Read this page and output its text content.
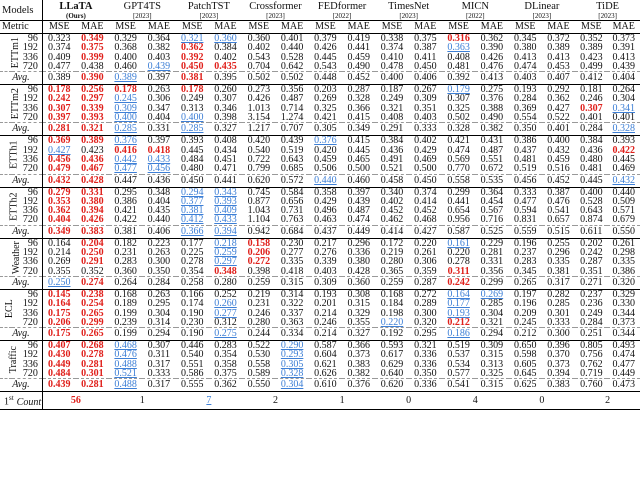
Models		LLaTA
(Ours)		GPT4TS
[2023]		PatchTST
[2023]		Crossformer
[2023]		FEDformer
[2022]		TimesNet
[2023]		MICN
[2022]		DLinear
[2023]		TiDE
[2023]	

Metric		MSE	MAE	MSE	MAE	MSE	MAE	MSE	MAE	MSE	MAE	MSE	MAE	MSE	MAE	MSE	MAE	MSE	MAE
ETTm1	96	0.323	0.349	0.329	0.364	0.321	0.360	0.360	0.401	0.379	0.419	0.338	0.375	0.316	0.362	0.345	0.372	0.352	0.373
	192	0.374	0.375	0.368	0.382	0.362	0.384	0.402	0.440	0.426	0.441	0.374	0.387	0.363	0.390	0.380	0.389	0.389	0.391
	336	0.409	0.399	0.400	0.403	0.392	0.402	0.543	0.528	0.445	0.459	0.410	0.411	0.408	0.426	0.413	0.413	0.423	0.413
	720	0.477	0.438	0.460	0.439	0.450	0.435	0.704	0.642	0.543	0.490	0.478	0.450	0.481	0.476	0.474	0.453	0.499	0.439
Avg.		0.389	0.390	0.389	0.397	0.381	0.395	0.502	0.502	0.448	0.452	0.400	0.406	0.392	0.413	0.403	0.407	0.412	0.404
ETTm2	96	0.178	0.256	0.178	0.263	0.178	0.260	0.273	0.356	0.203	0.287	0.187	0.267	0.179	0.275	0.193	0.292	0.181	0.264
	192	0.242	0.297	0.245	0.306	0.249	0.307	0.426	0.487	0.269	0.328	0.249	0.309	0.307	0.376	0.284	0.362	0.246	0.304
	336	0.307	0.339	0.309	0.347	0.313	0.346	1.013	0.714	0.325	0.366	0.321	0.351	0.325	0.388	0.369	0.427	0.307	0.341
	720	0.397	0.393	0.400	0.404	0.400	0.398	3.154	1.274	0.421	0.415	0.408	0.403	0.502	0.490	0.554	0.522	0.401	0.401
Avg.		0.281	0.321	0.285	0.331	0.285	0.327	1.217	0.707	0.305	0.349	0.291	0.333	0.328	0.382	0.350	0.401	0.284	0.328
ETTh1	96	0.369	0.389	0.376	0.397	0.393	0.408	0.420	0.439	0.376	0.415	0.384	0.402	0.421	0.431	0.386	0.400	0.384	0.393
	192	0.427	0.423	0.416	0.418	0.445	0.434	0.540	0.519	0.420	0.445	0.436	0.429	0.474	0.487	0.437	0.432	0.436	0.422
	336	0.456	0.436	0.442	0.433	0.484	0.451	0.722	0.643	0.459	0.465	0.491	0.469	0.569	0.551	0.481	0.459	0.480	0.445
	720	0.479	0.467	0.477	0.456	0.480	0.471	0.799	0.685	0.506	0.500	0.521	0.500	0.770	0.672	0.519	0.516	0.481	0.469
Avg.		0.432	0.428	0.447	0.436	0.450	0.441	0.620	0.572	0.440	0.460	0.458	0.450	0.558	0.535	0.456	0.452	0.445	0.432
ETTh2	96	0.279	0.331	0.295	0.348	0.294	0.343	0.745	0.584	0.358	0.397	0.340	0.374	0.299	0.364	0.333	0.387	0.400	0.440
	192	0.353	0.380	0.386	0.404	0.377	0.393	0.877	0.656	0.429	0.439	0.402	0.414	0.441	0.454	0.477	0.476	0.528	0.509
	336	0.362	0.394	0.421	0.435	0.381	0.409	1.043	0.731	0.496	0.487	0.452	0.452	0.654	0.567	0.594	0.541	0.643	0.571
	720	0.404	0.426	0.422	0.440	0.412	0.433	1.104	0.763	0.463	0.474	0.462	0.468	0.956	0.716	0.831	0.657	0.874	0.679
Avg.		0.349	0.383	0.381	0.406	0.366	0.394	0.942	0.684	0.437	0.449	0.414	0.427	0.587	0.525	0.559	0.515	0.611	0.550
Weather	96	0.164	0.204	0.182	0.223	0.177	0.218	0.158	0.230	0.217	0.296	0.172	0.220	0.161	0.229	0.196	0.255	0.202	0.261
	192	0.214	0.250	0.231	0.263	0.225	0.259	0.206	0.277	0.276	0.336	0.219	0.261	0.220	0.281	0.237	0.296	0.242	0.298
	336	0.269	0.291	0.283	0.300	0.278	0.297	0.272	0.335	0.339	0.380	0.280	0.306	0.278	0.331	0.283	0.335	0.287	0.335
	720	0.355	0.352	0.360	0.350	0.354	0.348	0.398	0.418	0.403	0.428	0.365	0.359	0.311	0.356	0.345	0.381	0.351	0.386
Avg.		0.250	0.274	0.264	0.284	0.258	0.280	0.259	0.315	0.309	0.360	0.259	0.287	0.242	0.299	0.265	0.317	0.271	0.320
ECL	96	0.145	0.238	0.168	0.263	0.166	0.252	0.219	0.314	0.193	0.308	0.168	0.272	0.164	0.269	0.197	0.282	0.237	0.329
	192	0.164	0.254	0.189	0.295	0.174	0.260	0.231	0.322	0.201	0.315	0.184	0.289	0.177	0.285	0.196	0.285	0.236	0.330
	336	0.175	0.265	0.199	0.304	0.190	0.277	0.246	0.337	0.214	0.329	0.198	0.300	0.193	0.304	0.209	0.301	0.249	0.344
	720	0.206	0.299	0.239	0.314	0.230	0.312	0.280	0.363	0.246	0.355	0.220	0.320	0.212	0.321	0.245	0.333	0.284	0.373
Avg.		0.175	0.265	0.199	0.294	0.190	0.275	0.244	0.334	0.214	0.327	0.192	0.295	0.186	0.294	0.212	0.300	0.251	0.344
Traffic	96	0.407	0.268	0.468	0.307	0.446	0.283	0.522	0.290	0.587	0.366	0.593	0.321	0.519	0.309	0.650	0.396	0.805	0.493
	192	0.430	0.278	0.476	0.311	0.540	0.354	0.530	0.293	0.604	0.373	0.617	0.336	0.537	0.315	0.598	0.370	0.756	0.474
	336	0.449	0.281	0.488	0.317	0.551	0.358	0.558	0.305	0.621	0.383	0.629	0.336	0.534	0.313	0.605	0.373	0.762	0.477
	720	0.484	0.301	0.521	0.333	0.586	0.375	0.589	0.328	0.626	0.382	0.640	0.350	0.577	0.325	0.645	0.394	0.719	0.449
Avg.		0.439	0.281	0.488	0.317	0.555	0.362	0.550	0.304	0.610	0.376	0.620	0.336	0.541	0.315	0.625	0.383	0.760	0.473
1st Count		56		1		7		2		1		0		4		0		2	
